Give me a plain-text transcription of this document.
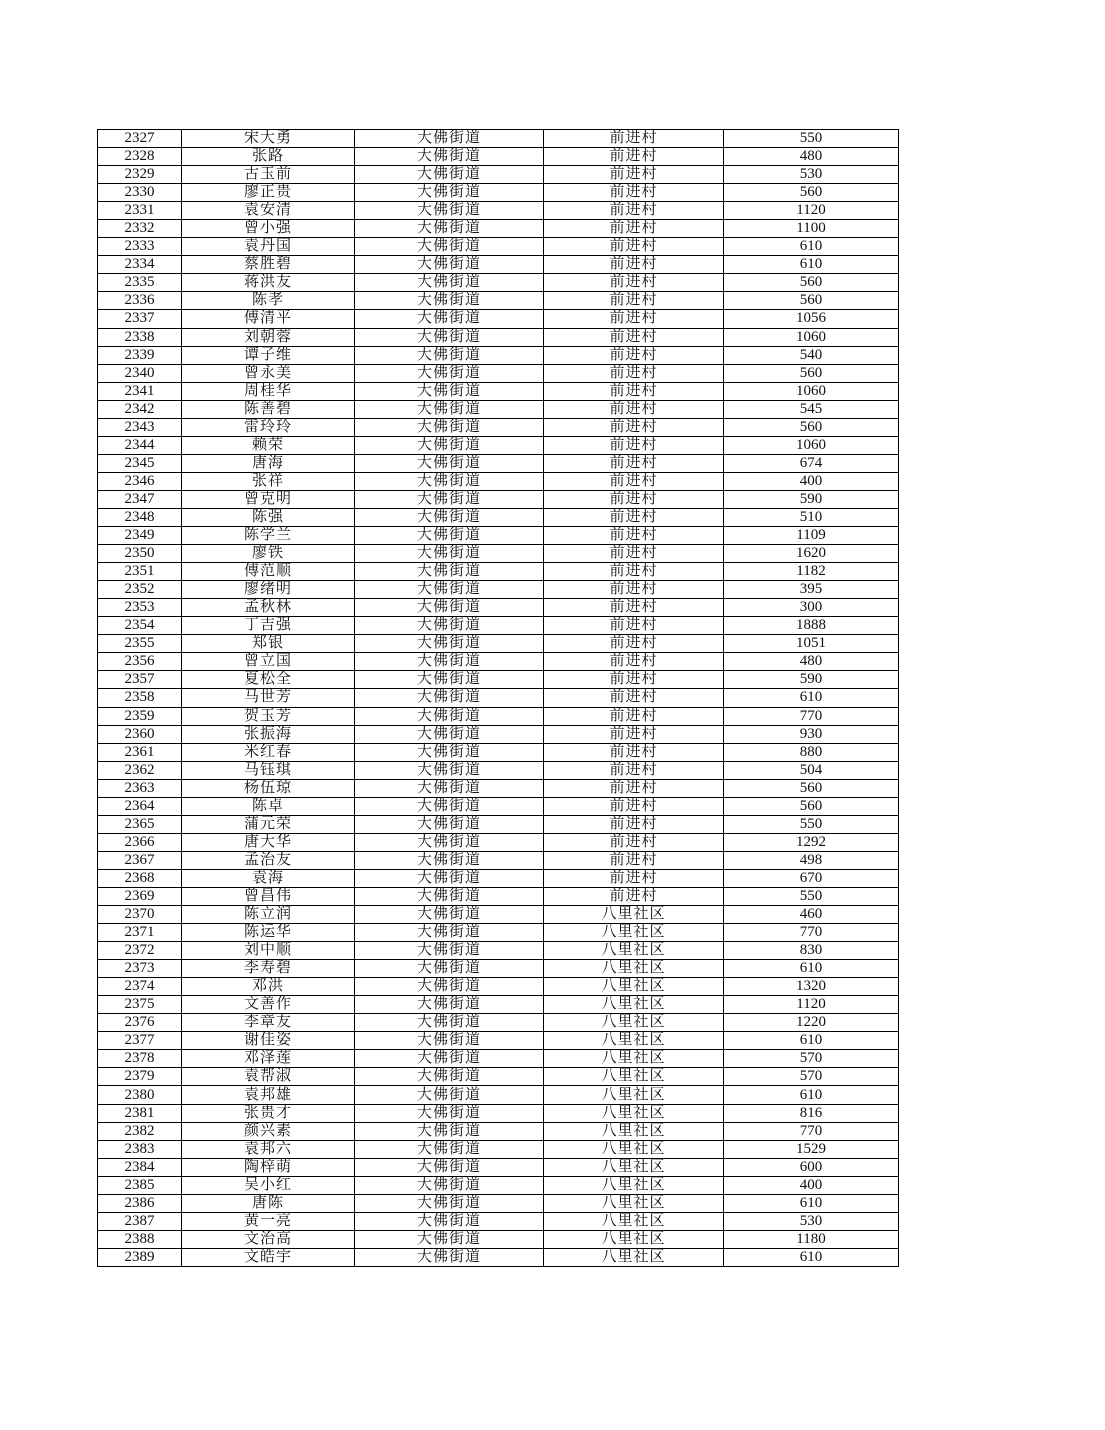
2327	宋大勇	大佛街道	前进村	550
2328	张路	大佛街道	前进村	480
2329	古玉前	大佛街道	前进村	530
2330	廖正贵	大佛街道	前进村	560
2331	袁安清	大佛街道	前进村	1120
2332	曾小强	大佛街道	前进村	1100
2333	袁丹国	大佛街道	前进村	610
2334	蔡胜碧	大佛街道	前进村	610
2335	蒋洪友	大佛街道	前进村	560
2336	陈孝	大佛街道	前进村	560
2337	傅清平	大佛街道	前进村	1056
2338	刘朝蓉	大佛街道	前进村	1060
2339	谭子维	大佛街道	前进村	540
2340	曾永美	大佛街道	前进村	560
2341	周桂华	大佛街道	前进村	1060
2342	陈善碧	大佛街道	前进村	545
2343	雷玲玲	大佛街道	前进村	560
2344	赖荣	大佛街道	前进村	1060
2345	唐海	大佛街道	前进村	674
2346	张祥	大佛街道	前进村	400
2347	曾克明	大佛街道	前进村	590
2348	陈强	大佛街道	前进村	510
2349	陈学兰	大佛街道	前进村	1109
2350	廖铁	大佛街道	前进村	1620
2351	傅范顺	大佛街道	前进村	1182
2352	廖绪明	大佛街道	前进村	395
2353	孟秋林	大佛街道	前进村	300
2354	丁吉强	大佛街道	前进村	1888
2355	郑银	大佛街道	前进村	1051
2356	曾立国	大佛街道	前进村	480
2357	夏松全	大佛街道	前进村	590
2358	马世芳	大佛街道	前进村	610
2359	贺玉芳	大佛街道	前进村	770
2360	张振海	大佛街道	前进村	930
2361	米红春	大佛街道	前进村	880
2362	马钰琪	大佛街道	前进村	504
2363	杨伍琼	大佛街道	前进村	560
2364	陈卓	大佛街道	前进村	560
2365	蒲元荣	大佛街道	前进村	550
2366	唐大华	大佛街道	前进村	1292
2367	孟治友	大佛街道	前进村	498
2368	袁海	大佛街道	前进村	670
2369	曾昌伟	大佛街道	前进村	550
2370	陈立润	大佛街道	八里社区	460
2371	陈运华	大佛街道	八里社区	770
2372	刘中顺	大佛街道	八里社区	830
2373	李寿碧	大佛街道	八里社区	610
2374	邓洪	大佛街道	八里社区	1320
2375	文善作	大佛街道	八里社区	1120
2376	李章友	大佛街道	八里社区	1220
2377	谢佳姿	大佛街道	八里社区	610
2378	邓泽莲	大佛街道	八里社区	570
2379	袁帮淑	大佛街道	八里社区	570
2380	袁邦雄	大佛街道	八里社区	610
2381	张贵才	大佛街道	八里社区	816
2382	颜兴素	大佛街道	八里社区	770
2383	袁邦六	大佛街道	八里社区	1529
2384	陶梓萌	大佛街道	八里社区	600
2385	吴小红	大佛街道	八里社区	400
2386	唐陈	大佛街道	八里社区	610
2387	黄一亮	大佛街道	八里社区	530
2388	文治高	大佛街道	八里社区	1180
2389	文皓宇	大佛街道	八里社区	610
